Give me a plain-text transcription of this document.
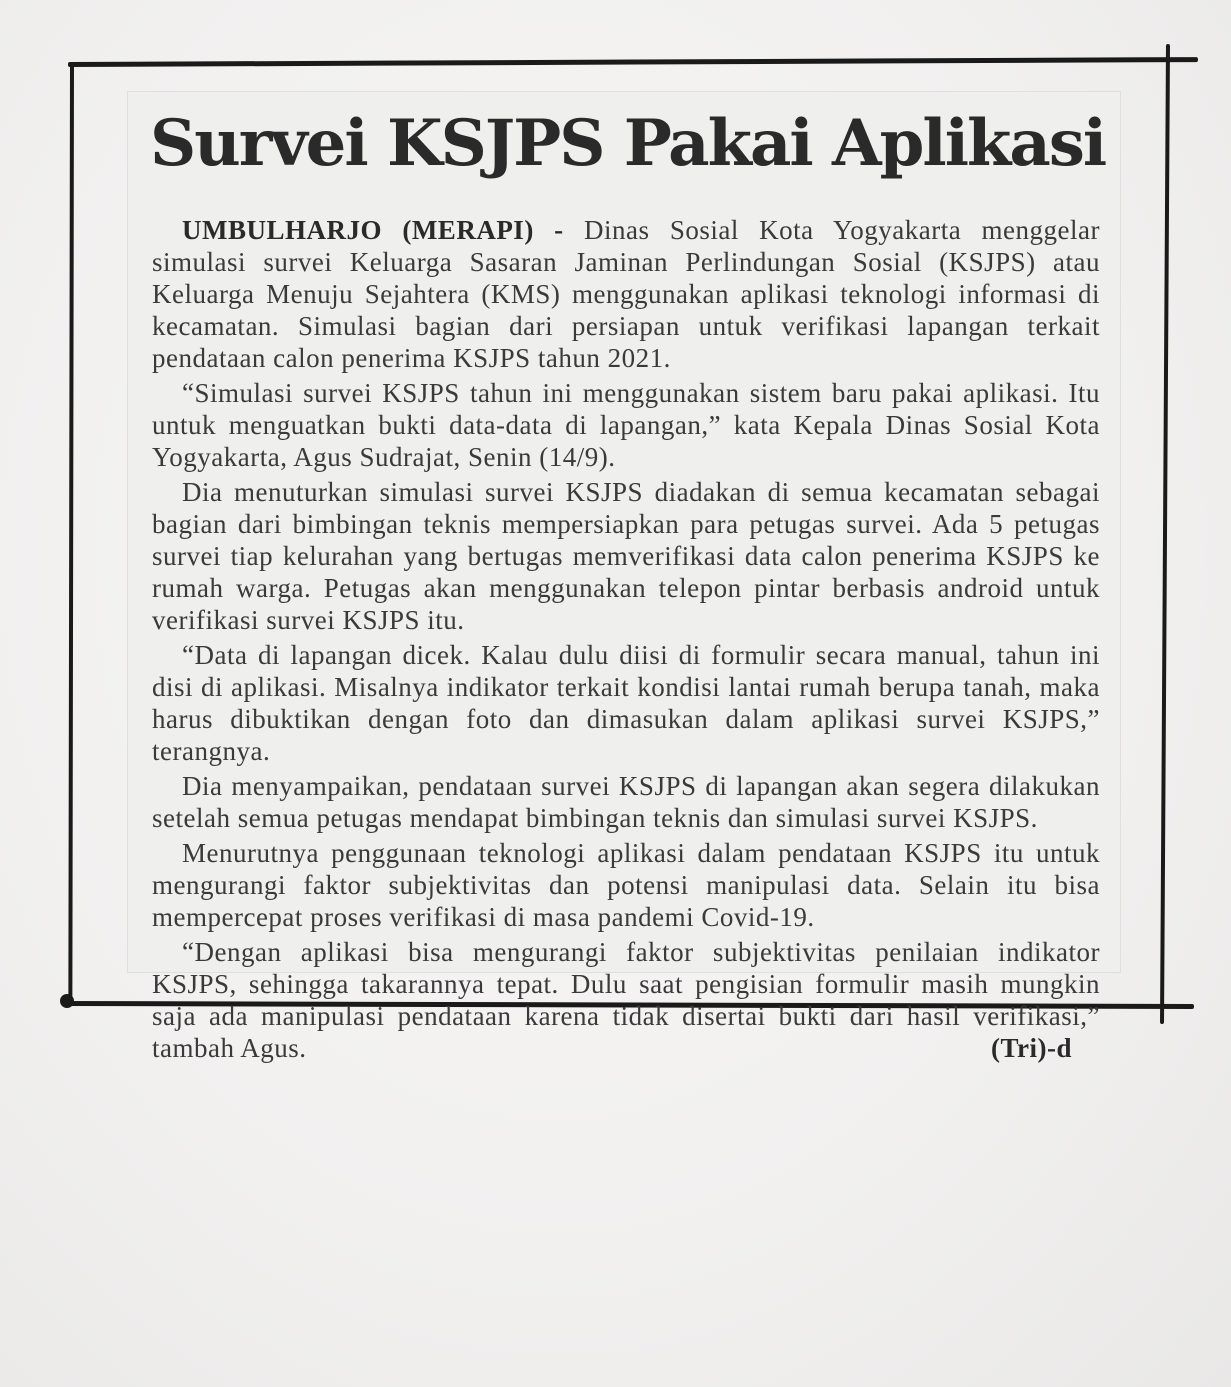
Survei KSJPS Pakai Aplikasi

UMBULHARJO (MERAPI) - Dinas Sosial Kota Yogyakarta menggelar simulasi survei Keluarga Sasaran Jaminan Perlindungan Sosial (KSJPS) atau Keluarga Menuju Sejahtera (KMS) menggunakan aplikasi teknologi informasi di kecamatan. Simulasi bagian dari persiapan untuk verifikasi lapangan terkait pendataan calon penerima KSJPS tahun 2021.

“Simulasi survei KSJPS tahun ini menggunakan sistem baru pakai aplikasi. Itu untuk menguatkan bukti data-data di lapangan,” kata Kepala Dinas Sosial Kota Yogyakarta, Agus Sudrajat, Senin (14/9).

Dia menuturkan simulasi survei KSJPS diadakan di semua kecamatan sebagai bagian dari bimbingan teknis mempersiapkan para petugas survei. Ada 5 petugas survei tiap kelurahan yang bertugas memverifikasi data calon penerima KSJPS ke rumah warga. Petugas akan menggunakan telepon pintar berbasis android untuk verifikasi survei KSJPS itu.

“Data di lapangan dicek. Kalau dulu diisi di formulir secara manual, tahun ini disi di aplikasi. Misalnya indikator terkait kondisi lantai rumah berupa tanah, maka harus dibuktikan dengan foto dan dimasukan dalam aplikasi survei KSJPS,” terangnya.

Dia menyampaikan, pendataan survei KSJPS di lapangan akan segera dilakukan setelah semua petugas mendapat bimbingan teknis dan simulasi survei KSJPS.

Menurutnya penggunaan teknologi aplikasi dalam pendataan KSJPS itu untuk mengurangi faktor subjektivitas dan potensi manipulasi data. Selain itu bisa mempercepat proses verifikasi di masa pandemi Covid-19.

“Dengan aplikasi bisa mengurangi faktor subjektivitas penilaian indikator KSJPS, sehingga takarannya tepat. Dulu saat pengisian formulir masih mungkin saja ada manipulasi pendataan karena tidak disertai bukti dari hasil verifikasi,” tambah Agus.	(Tri)-d
